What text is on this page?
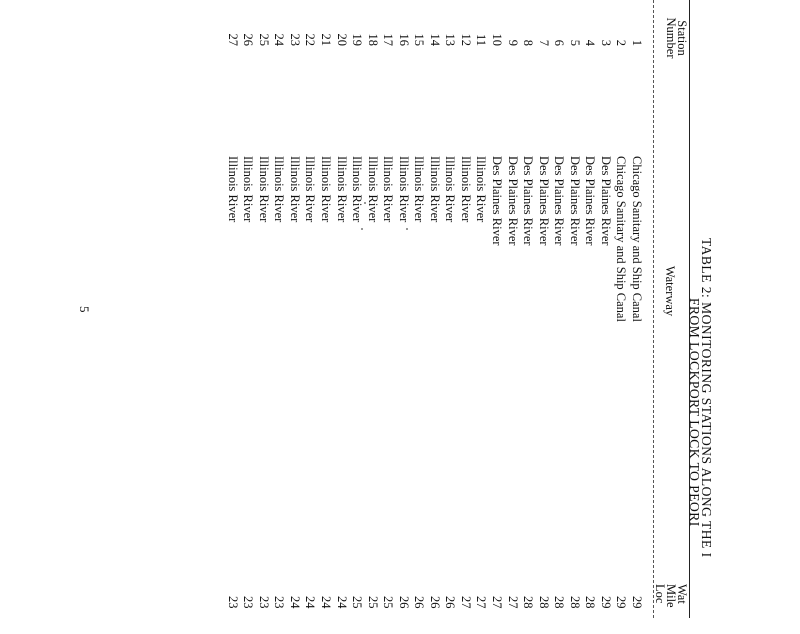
TABLE 2: MONITORING STATIONS ALONG THE I
FROM LOCKPORT LOCK TO PEORI
Station
Number
Waterway
Wat
Mile
Loc
1
Chicago Sanitary and Ship Canal
29
2
Chicago Sanitary and Ship Canal
29
3
Des Plaines River
29
4
Des Plaines River
28
5
Des Plaines River
28
6
Des Plaines River
28
7
Des Plaines River
28
8
Des Plaines River
28
9
Des Plaines River
27
10
Des Plaines River
27
11
Illinois River
27
12
Illinois River
27
13
Illinois River
26
14
Illinois River
26
15
Illinois River
26
16
Illinois River
26
17
Illinois River
25
18
Illinois River
25
19
Illinois River
25
20
Illinois River
24
21
Illinois River
24
22
Illinois River
24
23
Illinois River
24
24
Illinois River
23
25
Illinois River
23
26
Illinois River
23
27
Illinois River
23
5
